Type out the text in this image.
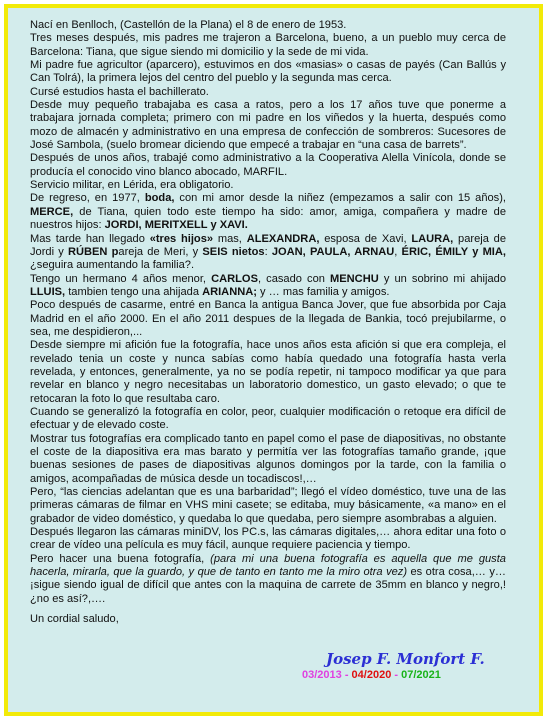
Nací en Benlloch, (Castellón de la Plana) el 8 de enero de 1953.

Tres meses después, mis padres me trajeron a Barcelona, bueno, a un pueblo muy cerca de Barcelona: Tiana, que sigue siendo mi domicilio y la sede de mi vida.

Mi padre fue agricultor (aparcero), estuvimos en dos «masias» o casas de payés (Can Ballús y Can Tolrá), la primera lejos del centro del pueblo y la segunda mas cerca.

Cursé estudios hasta el bachillerato.

Desde muy pequeño trabajaba es casa a ratos, pero a los 17 años tuve que ponerme a trabajara jornada completa; primero con mi padre en los viñedos y la huerta, después como mozo de almacén y administrativo en una empresa de confección de sombreros: Sucesores de José Sambola, (suelo bromear diciendo que empecé a trabajar en “una casa de barrets”.

Después de unos años, trabajé como administrativo a la Cooperativa Alella Vinícola, donde se producía el conocido vino blanco abocado, MARFIL.

Servicio militar, en Lérida, era obligatorio.

De regreso, en 1977, boda, con mi amor desde la niñez (empezamos a salir con 15 años), MERCE, de Tiana, quien todo este tiempo ha sido: amor, amiga, compañera y madre de nuestros hijos: JORDI, MERITXELL y XAVI.

Mas tarde han llegado «tres hijos» mas, ALEXANDRA, esposa de Xavi, LAURA, pareja de Jordi y RÚBEN pareja de Meri, y SEIS nietos: JOAN, PAULA, ARNAU, ÉRIC, ÉMILY y MIA, ¿seguira aumentando la familia?.

Tengo un hermano 4 años menor, CARLOS, casado con MENCHU y un sobrino mi ahijado LLUIS, tambien tengo una ahijada ARIANNA; y … mas familia y amigos.

Poco después de casarme, entré en Banca la antigua Banca Jover, que fue absorbida por Caja Madrid en el año 2000. En el año 2011 despues de la llegada de Bankia, tocó prejubilarme, o sea, me despidieron,...

Desde siempre mi afición fue la fotografía, hace unos años esta afición si que era compleja, el revelado tenia un coste y nunca sabías como había quedado una fotografía hasta verla revelada, y entonces, generalmente, ya no se podía repetir, ni tampoco modificar ya que para revelar en blanco y negro necesitabas un laboratorio domestico, un gasto elevado; o que te retocaran la foto lo que resultaba caro.

Cuando se generalizó la fotografía en color, peor, cualquier modificación o retoque era difícil de efectuar y de elevado coste.

Mostrar tus fotografías era complicado tanto en papel como el pase de diapositivas, no obstante el coste de la diapositiva era mas barato y permitía ver las fotografías tamaño grande, ¡que buenas sesiones de pases de diapositivas algunos domingos por la tarde, con la familia o amigos, acompañadas de música desde un tocadiscos!,…

Pero, “las ciencias adelantan que es una barbaridad”; llegó el vídeo doméstico, tuve una de las primeras cámaras de filmar en VHS mini casete; se editaba, muy básicamente, «a mano» en el grabador de video doméstico, y quedaba lo que quedaba, pero siempre asombrabas a alguien.

Después llegaron las cámaras miniDV, los PC.s, las cámaras digitales,… ahora editar una foto o crear de vídeo una película es muy fácil, aunque requiere paciencia y tiempo.

Pero hacer una buena fotografía, (para mi una buena fotografía es aquella que me gusta hacerla, mirarla, que la guardo, y que de tanto en tanto me la miro otra vez) es otra cosa,… y… ¡sigue siendo igual de difícil que antes con la maquina de carrete de 35mm en blanco y negro,! ¿no es así?,….

Un cordial saludo,

Josep F. Monfort F.
03/2013 - 04/2020 - 07/2021
